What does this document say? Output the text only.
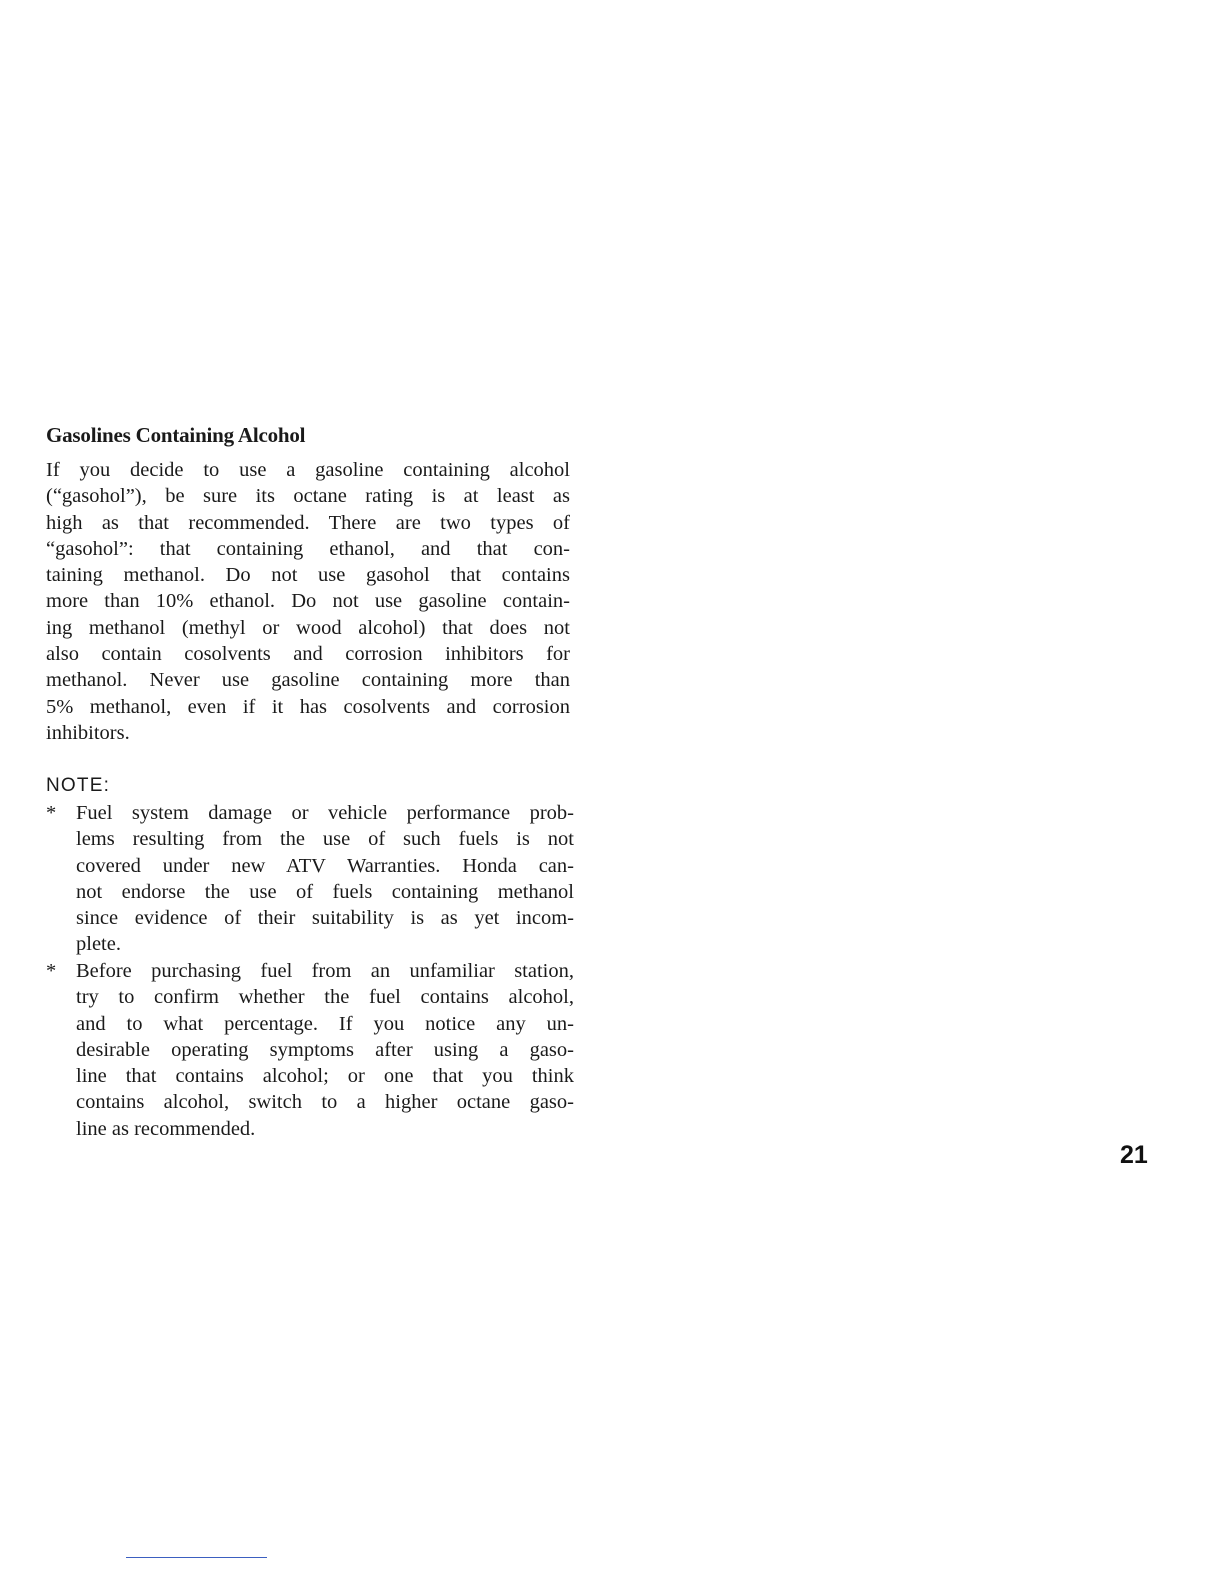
Gasolines Containing Alcohol
If you decide to use a gasoline containing alcohol
(“gasohol”), be sure its octane rating is at least as
high as that recommended. There are two types of
“gasohol”: that containing ethanol, and that con-
taining methanol. Do not use gasohol that contains
more than 10% ethanol. Do not use gasoline contain-
ing methanol (methyl or wood alcohol) that does not
also contain cosolvents and corrosion inhibitors for
methanol. Never use gasoline containing more than
5% methanol, even if it has cosolvents and corrosion
inhibitors.

NOTE:

* Fuel system damage or vehicle performance prob-
lems resulting from the use of such fuels is not
covered under new ATV Warranties. Honda can-
not endorse the use of fuels containing methanol
since evidence of their suitability is as yet incom-
plete.
* Before purchasing fuel from an unfamiliar station,
try to confirm whether the fuel contains alcohol,
and to what percentage. If you notice any un-
desirable operating symptoms after using a gaso-
line that contains alcohol; or one that you think
contains alcohol, switch to a higher octane gaso-
line as recommended.
21
